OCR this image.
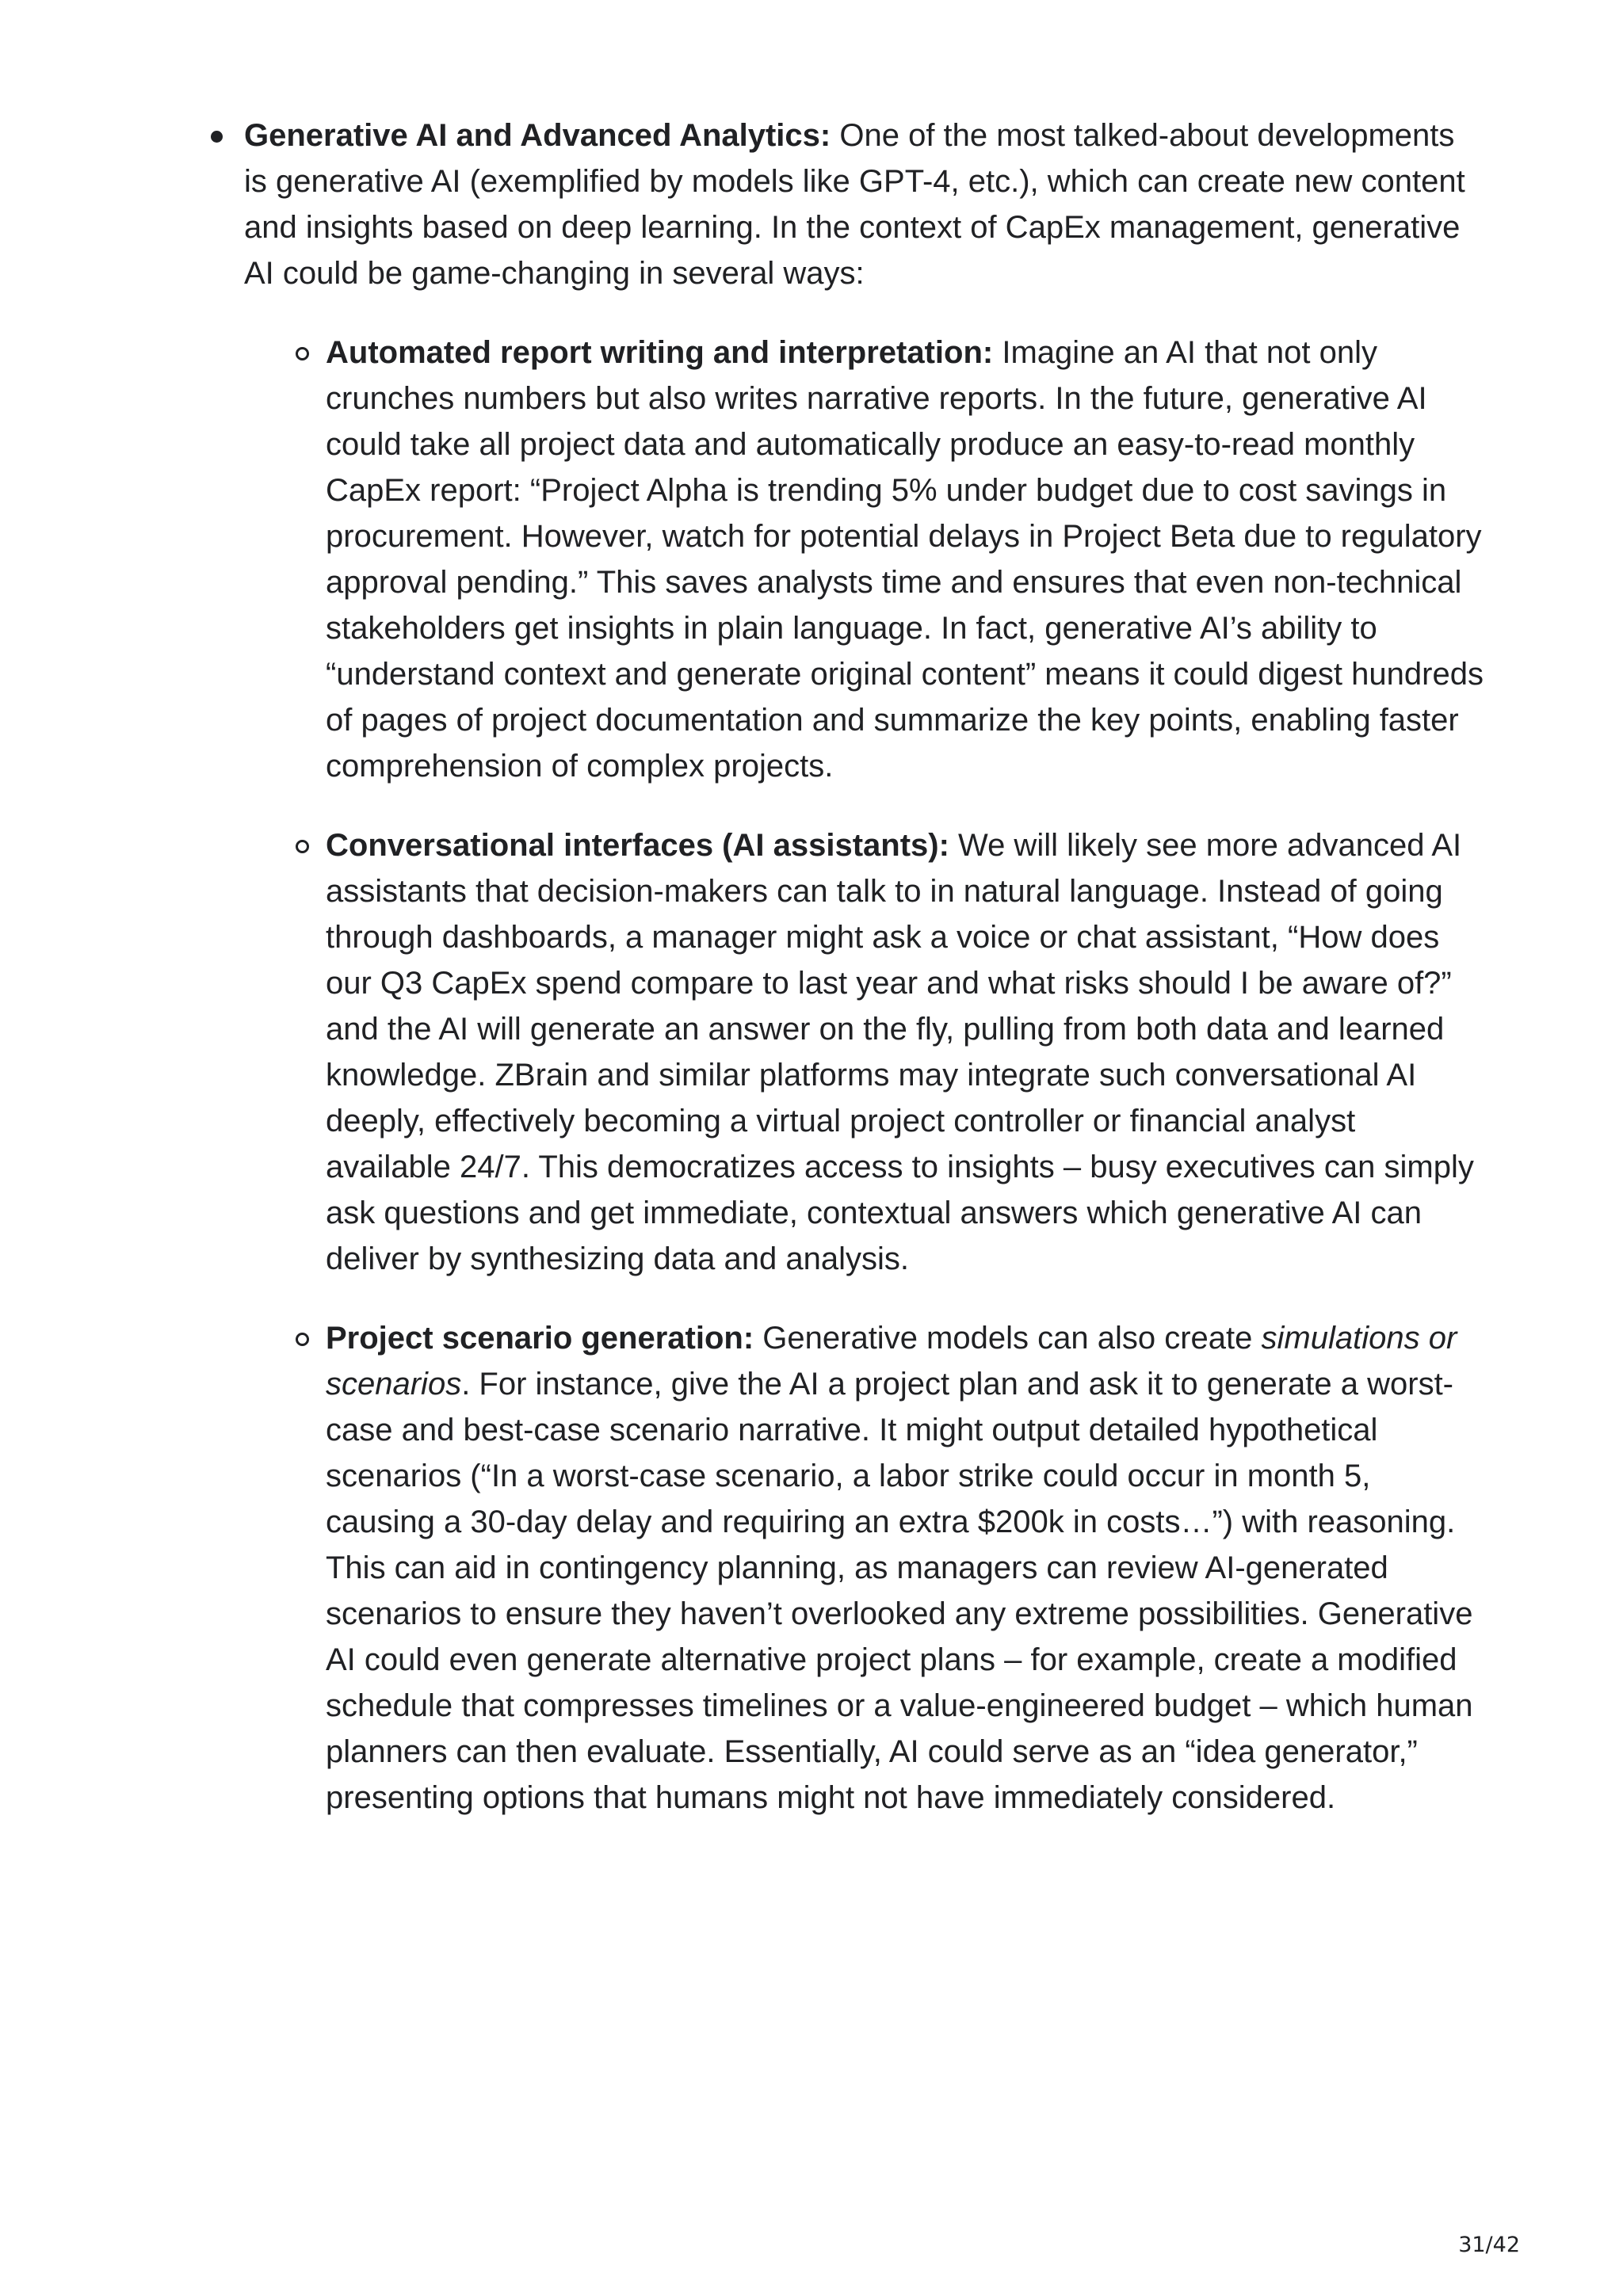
Generative AI and Advanced Analytics: One of the most talked-about developments is generative AI (exemplified by models like GPT-4, etc.), which can create new content and insights based on deep learning. In the context of CapEx management, generative AI could be game-changing in several ways:

Automated report writing and interpretation: Imagine an AI that not only crunches numbers but also writes narrative reports. In the future, generative AI could take all project data and automatically produce an easy-to-read monthly CapEx report: “Project Alpha is trending 5% under budget due to cost savings in procurement. However, watch for potential delays in Project Beta due to regulatory approval pending.” This saves analysts time and ensures that even non-technical stakeholders get insights in plain language. In fact, generative AI’s ability to “understand context and generate original content” means it could digest hundreds of pages of project documentation and summarize the key points, enabling faster comprehension of complex projects.

Conversational interfaces (AI assistants): We will likely see more advanced AI assistants that decision-makers can talk to in natural language. Instead of going through dashboards, a manager might ask a voice or chat assistant, “How does our Q3 CapEx spend compare to last year and what risks should I be aware of?” and the AI will generate an answer on the fly, pulling from both data and learned knowledge. ZBrain and similar platforms may integrate such conversational AI deeply, effectively becoming a virtual project controller or financial analyst available 24/7. This democratizes access to insights – busy executives can simply ask questions and get immediate, contextual answers which generative AI can deliver by synthesizing data and analysis.

Project scenario generation: Generative models can also create simulations or scenarios. For instance, give the AI a project plan and ask it to generate a worst-case and best-case scenario narrative. It might output detailed hypothetical scenarios (“In a worst-case scenario, a labor strike could occur in month 5, causing a 30-day delay and requiring an extra $200k in costs…”) with reasoning. This can aid in contingency planning, as managers can review AI-generated scenarios to ensure they haven’t overlooked any extreme possibilities. Generative AI could even generate alternative project plans – for example, create a modified schedule that compresses timelines or a value-engineered budget – which human planners can then evaluate. Essentially, AI could serve as an “idea generator,” presenting options that humans might not have immediately considered.

31/42
